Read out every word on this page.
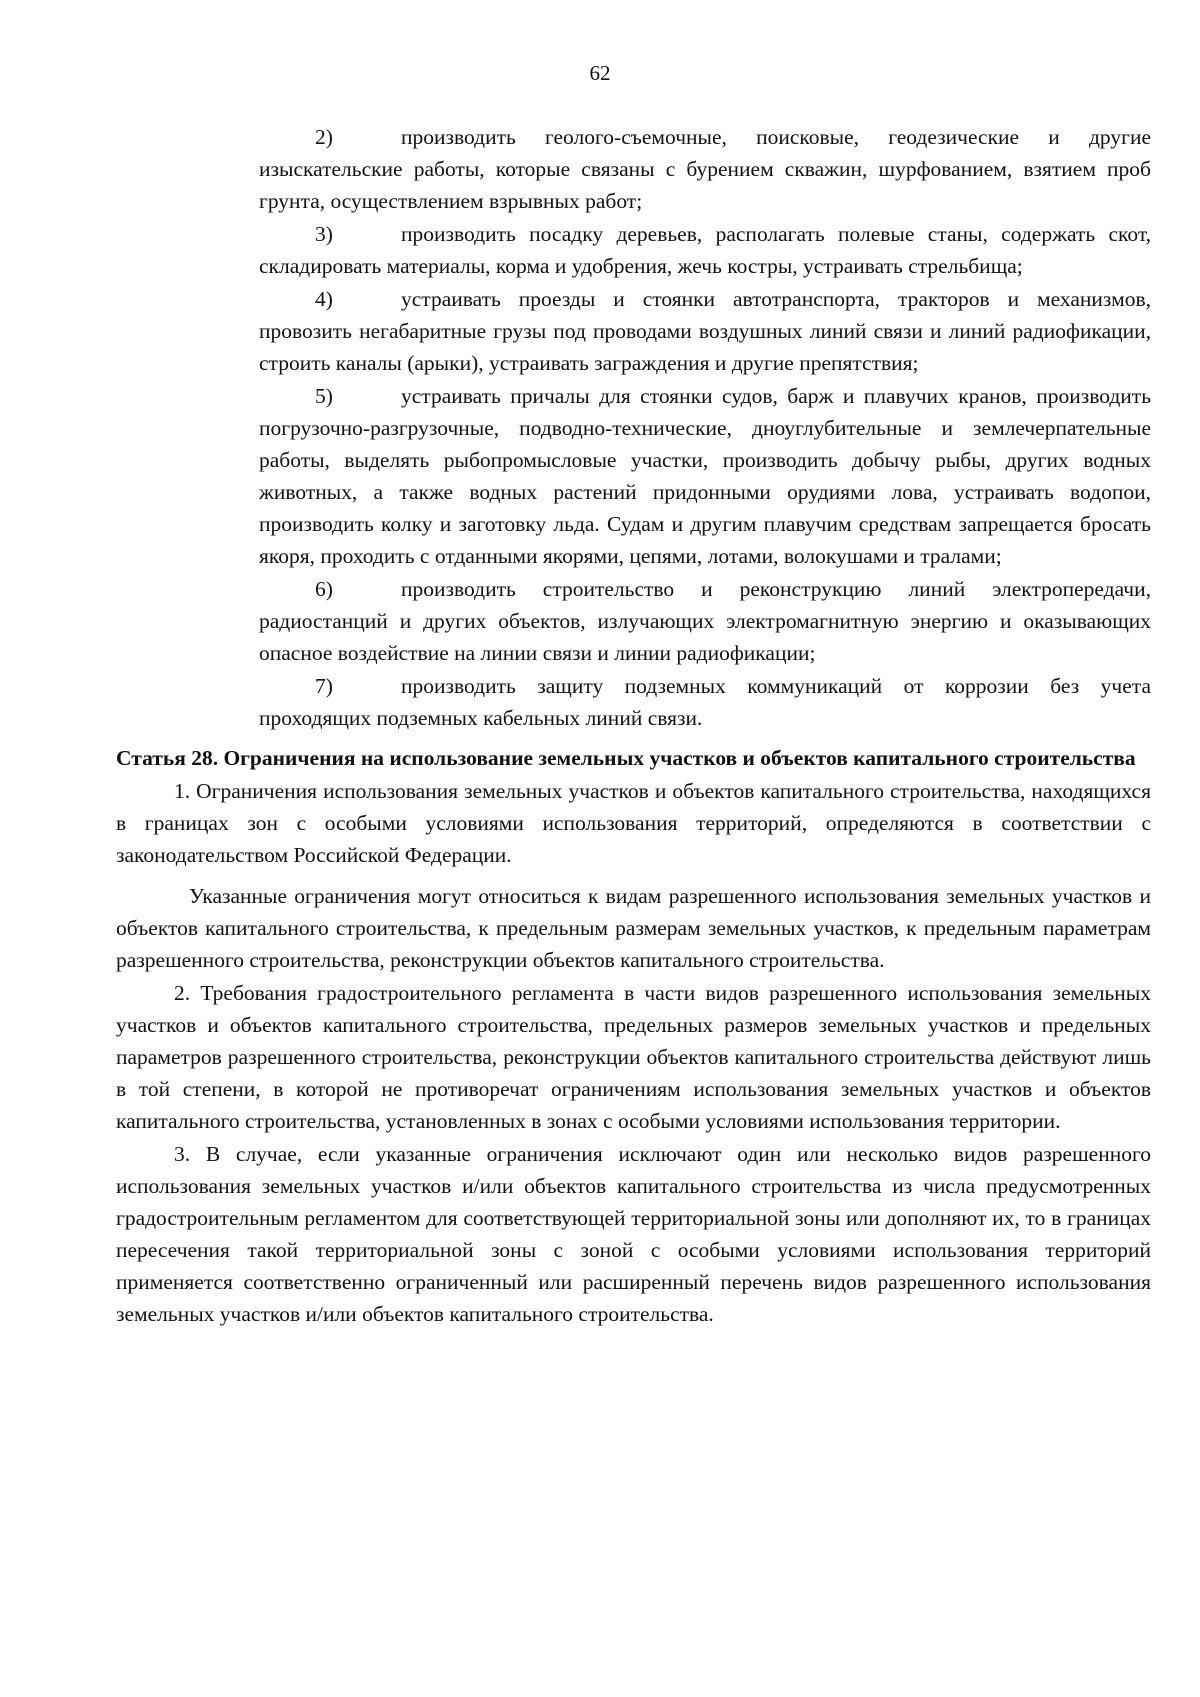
62

2)	производить геолого-съемочные, поисковые, геодезические и другие изыскательские работы, которые связаны с бурением скважин, шурфованием, взятием проб грунта, осуществлением взрывных работ;

3)	производить посадку деревьев, располагать полевые станы, содержать скот, складировать материалы, корма и удобрения, жечь костры, устраивать стрельбища;

4)	устраивать проезды и стоянки автотранспорта, тракторов и механизмов, провозить негабаритные грузы под проводами воздушных линий связи и линий радиофикации, строить каналы (арыки), устраивать заграждения и другие препятствия;

5)	устраивать причалы для стоянки судов, барж и плавучих кранов, производить погрузочно-разгрузочные, подводно-технические, дноуглубительные и землечерпательные работы, выделять рыбопромысловые участки, производить добычу рыбы, других водных животных, а также водных растений придонными орудиями лова, устраивать водопои, производить колку и заготовку льда. Судам и другим плавучим средствам запрещается бросать якоря, проходить с отданными якорями, цепями, лотами, волокушами и тралами;

6)	производить строительство и реконструкцию линий электропередачи, радиостанций и других объектов, излучающих электромагнитную энергию и оказывающих опасное воздействие на линии связи и линии радиофикации;

7)	производить защиту подземных коммуникаций от коррозии без учета проходящих подземных кабельных линий связи.

Статья 28. Ограничения на использование земельных участков и объектов капитального строительства

1. Ограничения использования земельных участков и объектов капитального строительства, находящихся в границах зон с особыми условиями использования территорий, определяются в соответствии с законодательством Российской Федерации.

Указанные ограничения могут относиться к видам разрешенного использования земельных участков и объектов капитального строительства, к предельным размерам земельных участков, к предельным параметрам разрешенного строительства, реконструкции объектов капитального строительства.

2. Требования градостроительного регламента в части видов разрешенного использования земельных участков и объектов капитального строительства, предельных размеров земельных участков и предельных параметров разрешенного строительства, реконструкции объектов капитального строительства действуют лишь в той степени, в которой не противоречат ограничениям использования земельных участков и объектов капитального строительства, установленных в зонах с особыми условиями использования территории.

3. В случае, если указанные ограничения исключают один или несколько видов разрешенного использования земельных участков и/или объектов капитального строительства из числа предусмотренных градостроительным регламентом для соответствующей территориальной зоны или дополняют их, то в границах пересечения такой территориальной зоны с зоной с особыми условиями использования территорий применяется соответственно ограниченный или расширенный перечень видов разрешенного использования земельных участков и/или объектов капитального строительства.
